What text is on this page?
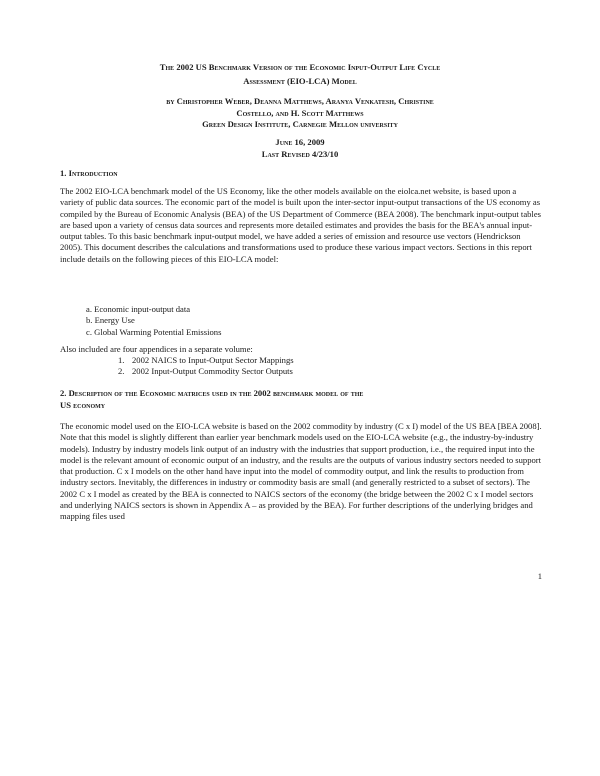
The 2002 US Benchmark Version of the Economic Input-Output Life Cycle
Assessment (EIO-LCA) Model
by Christopher Weber, Deanna Matthews, Aranya Venkatesh, Christine
Costello, and H. Scott Matthews
Green Design Institute, Carnegie Mellon university
June 16, 2009
Last Revised 4/23/10
1. Introduction

The 2002 EIO-LCA benchmark model of the US Economy, like the other models available on the eiolca.net website, is based upon a variety of public data sources. The economic part of the model is built upon the inter-sector input-output transactions of the US economy as compiled by the Bureau of Economic Analysis (BEA) of the US Department of Commerce (BEA 2008). The benchmark input-output tables are based upon a variety of census data sources and represents more detailed estimates and provides the basis for the BEA's annual input-output tables. To this basic benchmark input-output model, we have added a series of emission and resource use vectors (Hendrickson 2005). This document describes the calculations and transformations used to produce these various impact vectors. Sections in this report include details on the following pieces of this EIO-LCA model:

a. Economic input-output data
b. Energy Use
c. Global Warming Potential Emissions

Also included are four appendices in a separate volume:

1. 2002 NAICS to Input-Output Sector Mappings
2. 2002 Input-Output Commodity Sector Outputs
2. Description of the Economic matrices used in the 2002 benchmark model of the
US economy

The economic model used on the EIO-LCA website is based on the 2002 commodity by industry (C x I) model of the US BEA [BEA 2008]. Note that this model is slightly different than earlier year benchmark models used on the EIO-LCA website (e.g., the industry-by-industry models). Industry by industry models link output of an industry with the industries that support production, i.e., the required input into the model is the relevant amount of economic output of an industry, and the results are the outputs of various industry sectors needed to support that production. C x I models on the other hand have input into the model of commodity output, and link the results to production from industry sectors. Inevitably, the differences in industry or commodity basis are small (and generally restricted to a subset of sectors). The 2002 C x I model as created by the BEA is connected to NAICS sectors of the economy (the bridge between the 2002 C x I model sectors and underlying NAICS sectors is shown in Appendix A – as provided by the BEA). For further descriptions of the underlying bridges and mapping files used

1
